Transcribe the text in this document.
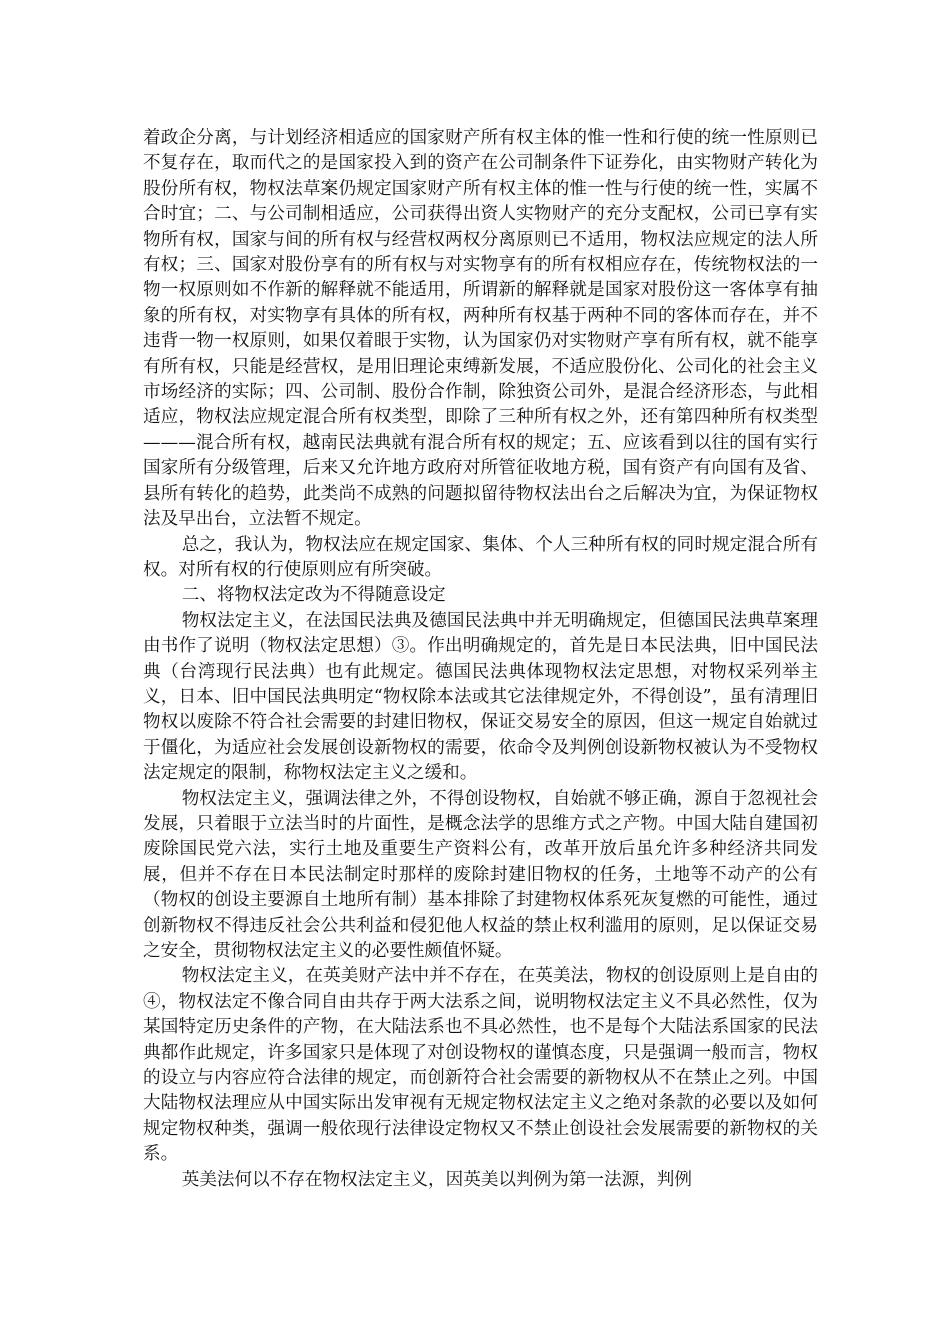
着政企分离，与计划经济相适应的国家财产所有权主体的惟一性和行使的统一性原则已不复存在，取而代之的是国家投入到的资产在公司制条件下证券化，由实物财产转化为股份所有权，物权法草案仍规定国家财产所有权主体的惟一性与行使的统一性，实属不合时宜；二、与公司制相适应，公司获得出资人实物财产的充分支配权，公司已享有实物所有权，国家与间的所有权与经营权两权分离原则已不适用，物权法应规定的法人所有权；三、国家对股份享有的所有权与对实物享有的所有权相应存在，传统物权法的一物一权原则如不作新的解释就不能适用，所谓新的解释就是国家对股份这一客体享有抽象的所有权，对实物享有具体的所有权，两种所有权基于两种不同的客体而存在，并不违背一物一权原则，如果仅着眼于实物，认为国家仍对实物财产享有所有权，就不能享有所有权，只能是经营权，是用旧理论束缚新发展，不适应股份化、公司化的社会主义市场经济的实际；四、公司制、股份合作制，除独资公司外，是混合经济形态，与此相适应，物权法应规定混合所有权类型，即除了三种所有权之外，还有第四种所有权类型———混合所有权，越南民法典就有混合所有权的规定；五、应该看到以往的国有实行国家所有分级管理，后来又允许地方政府对所管征收地方税，国有资产有向国有及省、县所有转化的趋势，此类尚不成熟的问题拟留待物权法出台之后解决为宜，为保证物权法及早出台，立法暂不规定。

总之，我认为，物权法应在规定国家、集体、个人三种所有权的同时规定混合所有权。对所有权的行使原则应有所突破。

二、将物权法定改为不得随意设定

物权法定主义，在法国民法典及德国民法典中并无明确规定，但德国民法典草案理由书作了说明（物权法定思想）③。作出明确规定的，首先是日本民法典，旧中国民法典（台湾现行民法典）也有此规定。德国民法典体现物权法定思想，对物权采列举主义，日本、旧中国民法典明定“物权除本法或其它法律规定外，不得创设”，虽有清理旧物权以废除不符合社会需要的封建旧物权，保证交易安全的原因，但这一规定自始就过于僵化，为适应社会发展创设新物权的需要，依命令及判例创设新物权被认为不受物权法定规定的限制，称物权法定主义之缓和。

物权法定主义，强调法律之外，不得创设物权，自始就不够正确，源自于忽视社会发展，只着眼于立法当时的片面性，是概念法学的思维方式之产物。中国大陆自建国初废除国民党六法，实行土地及重要生产资料公有，改革开放后虽允许多种经济共同发展，但并不存在日本民法制定时那样的废除封建旧物权的任务，土地等不动产的公有（物权的创设主要源自土地所有制）基本排除了封建物权体系死灰复燃的可能性，通过创新物权不得违反社会公共利益和侵犯他人权益的禁止权利滥用的原则，足以保证交易之安全，贯彻物权法定主义的必要性颇值怀疑。

物权法定主义，在英美财产法中并不存在，在英美法，物权的创设原则上是自由的④，物权法定不像合同自由共存于两大法系之间，说明物权法定主义不具必然性，仅为某国特定历史条件的产物，在大陆法系也不具必然性，也不是每个大陆法系国家的民法典都作此规定，许多国家只是体现了对创设物权的谨慎态度，只是强调一般而言，物权的设立与内容应符合法律的规定，而创新符合社会需要的新物权从不在禁止之列。中国大陆物权法理应从中国实际出发审视有无规定物权法定主义之绝对条款的必要以及如何规定物权种类，强调一般依现行法律设定物权又不禁止创设社会发展需要的新物权的关系。

英美法何以不存在物权法定主义，因英美以判例为第一法源，判例
